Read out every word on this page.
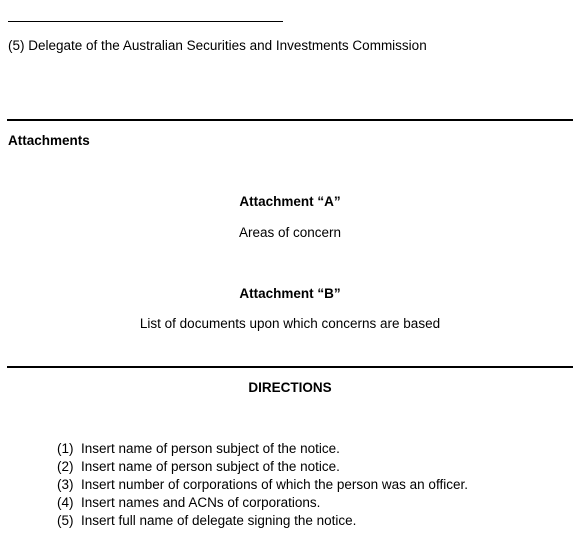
(5) Delegate of the Australian Securities and Investments Commission
Attachments
Attachment “A”
Areas of concern
Attachment “B”
List of documents upon which concerns are based
DIRECTIONS
(1) Insert name of person subject of the notice.
(2) Insert name of person subject of the notice.
(3) Insert number of corporations of which the person was an officer.
(4) Insert names and ACNs of corporations.
(5) Insert full name of delegate signing the notice.
